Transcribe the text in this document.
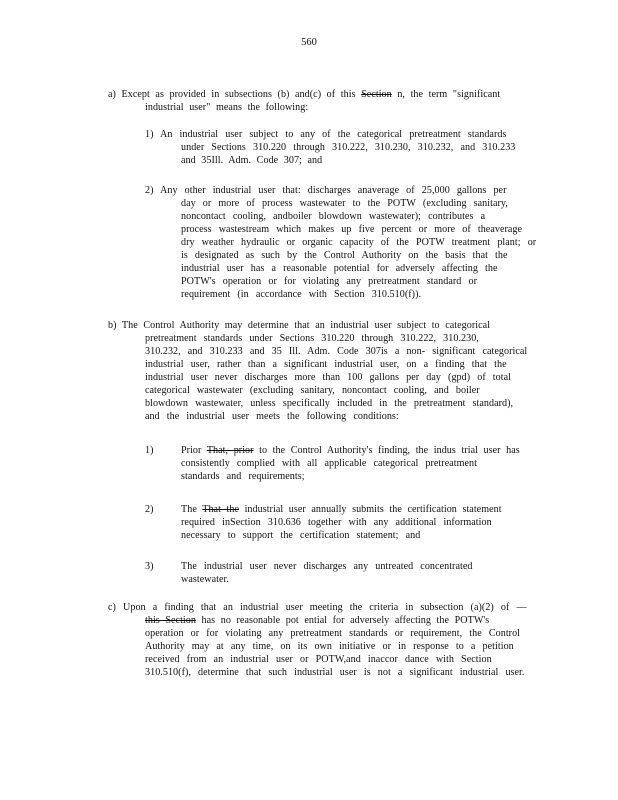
560
a) Except as provided in subsections (b) and(c) of this Section n, the term "significant
industrial user" means the following:
1) An industrial user subject to any of the categorical pretreatment standards
under Sections 310.220 through 310.222, 310.230, 310.232, and 310.233
and 35Ill. Adm. Code 307; and
2) Any other industrial user that: discharges anaverage of 25,000 gallons per
day or more of process wastewater to the POTW (excluding sanitary,
noncontact cooling, andboiler blowdown wastewater); contributes a
process wastestream which makes up five percent or more of theaverage
dry weather hydraulic or organic capacity of the POTW treatment plant; or
is designated as such by the Control Authority on the basis that the
industrial user has a reasonable potential for adversely affecting the
POTW's operation or for violating any pretreatment standard or
requirement (in accordance with Section 310.510(f)).
b) The Control Authority may determine that an industrial user subject to categorical
pretreatment standards under Sections 310.220 through 310.222, 310.230,
310.232, and 310.233 and 35 Ill. Adm. Code 307is a non- significant categorical
industrial user, rather than a significant industrial user, on a finding that the
industrial user never discharges more than 100 gallons per day (gpd) of total
categorical wastewater (excluding sanitary, noncontact cooling, and boiler
blowdown wastewater, unless specifically included in the pretreatment standard),
and the industrial user meets the following conditions:
1)	Prior That, prior to the Control Authority's finding, the indus trial user has
consistently complied with all applicable categorical pretreatment
standards and requirements;
2)	The That the industrial user annually submits the certification statement
required inSection 310.636 together with any additional information
necessary to support the certification statement; and
3)	The industrial user never discharges any untreated concentrated
wastewater.
c) Upon a finding that an industrial user meeting the criteria in subsection (a)(2) of —
this Section has no reasonable pot ential for adversely affecting the POTW's
operation or for violating any pretreatment standards or requirement, the Control
Authority may at any time, on its own initiative or in response to a petition
received from an industrial user or POTW,and inaccor dance with Section
310.510(f), determine that such industrial user is not a significant industrial user.
